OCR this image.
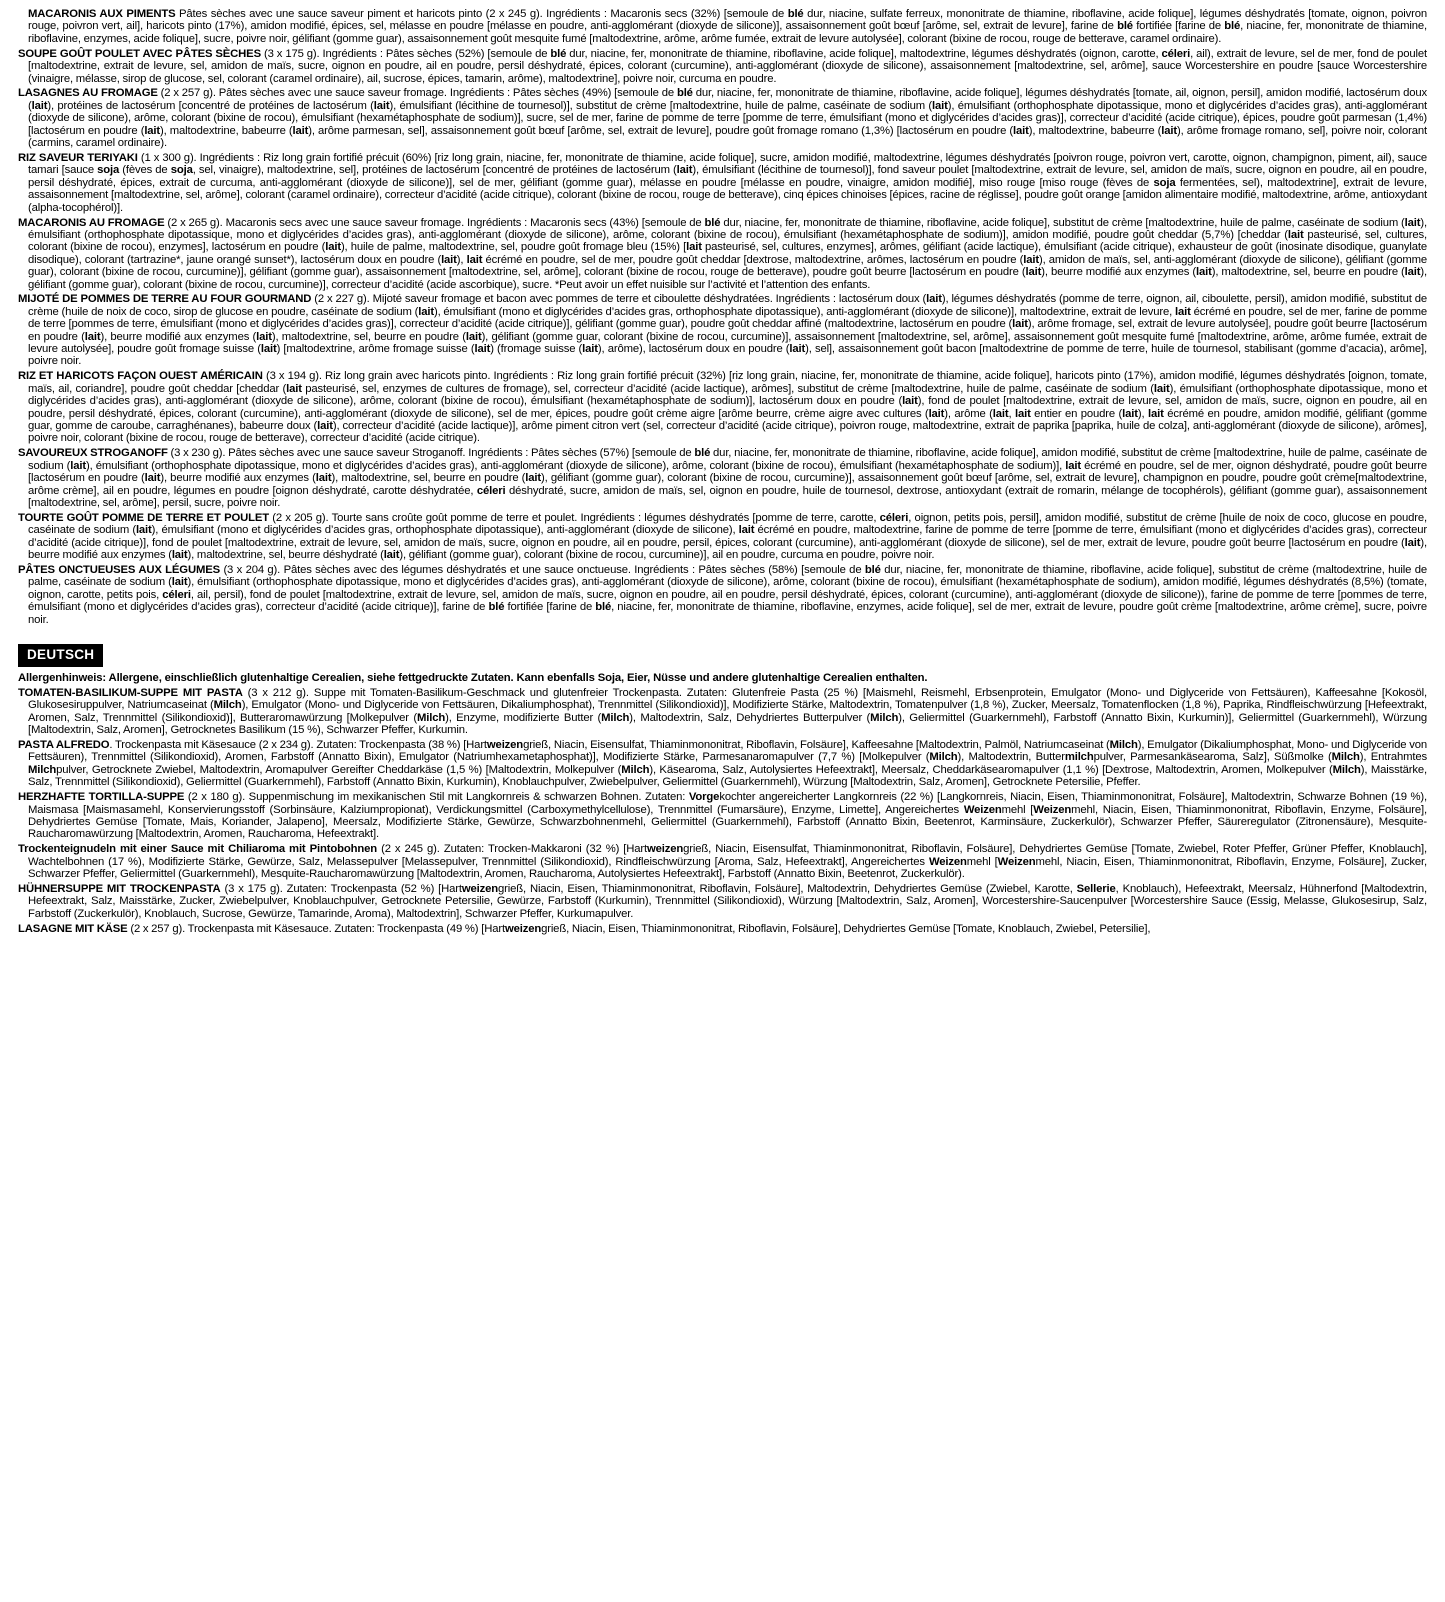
MACARONIS AUX PIMENTS Pâtes sèches avec une sauce saveur piment et haricots pinto (2 x 245 g). Ingrédients : Macaronis secs (32%) [semoule de blé dur, niacine, sulfate ferreux, mononitrate de thiamine, riboflavine, acide folique], légumes déshydratés [tomate, oignon, poivron rouge, poivron vert, ail], haricots pinto (17%), amidon modifié, épices, sel, mélasse en poudre [mélasse en poudre, anti-agglomérant (dioxyde de silicone)], assaisonnement goût bœuf [arôme, sel, extrait de levure], farine de blé fortifiée [farine de blé, niacine, fer, mononitrate de thiamine, riboflavine, enzymes, acide folique], sucre, poivre noir, gélifiant (gomme guar), assaisonnement goût mesquite fumé [maltodextrine, arôme, arôme fumée, extrait de levure autolysée], colorant (bixine de rocou, rouge de betterave, caramel ordinaire).

SOUPE GOÛT POULET AVEC PÂTES SÈCHES (3 x 175 g). Ingrédients : Pâtes sèches (52%) [semoule de blé dur, niacine, fer, mononitrate de thiamine, riboflavine, acide folique], maltodextrine, légumes déshydratés (oignon, carotte, céleri, ail), extrait de levure, sel de mer, fond de poulet [maltodextrine, extrait de levure, sel, amidon de maïs, sucre, oignon en poudre, ail en poudre, persil déshydraté, épices, colorant (curcumine), anti-agglomérant (dioxyde de silicone), assaisonnement [maltodextrine, sel, arôme], sauce Worcestershire en poudre [sauce Worcestershire (vinaigre, mélasse, sirop de glucose, sel, colorant (caramel ordinaire), ail, sucrose, épices, tamarin, arôme), maltodextrine], poivre noir, curcuma en poudre.

LASAGNES AU FROMAGE (2 x 257 g). Pâtes sèches avec une sauce saveur fromage. Ingrédients : Pâtes sèches (49%) [semoule de blé dur, niacine, fer, mononitrate de thiamine, riboflavine, acide folique], légumes déshydratés [tomate, ail, oignon, persil], amidon modifié, lactosérum doux (lait), protéines de lactosérum [concentré de protéines de lactosérum (lait), émulsifiant (lécithine de tournesol)], substitut de crème [maltodextrine, huile de palme, caséinate de sodium (lait), émulsifiant (orthophosphate dipotassique, mono et diglycérides d’acides gras), anti-agglomérant (dioxyde de silicone), arôme, colorant (bixine de rocou), émulsifiant (hexamétaphosphate de sodium)], sucre, sel de mer, farine de pomme de terre [pomme de terre, émulsifiant (mono et diglycérides d’acides gras)], correcteur d’acidité (acide citrique), épices, poudre goût parmesan (1,4%) [lactosérum en poudre (lait), maltodextrine, babeurre (lait), arôme parmesan, sel], assaisonnement goût bœuf [arôme, sel, extrait de levure], poudre goût fromage romano (1,3%) [lactosérum en poudre (lait), maltodextrine, babeurre (lait), arôme fromage romano, sel], poivre noir, colorant (carmins, caramel ordinaire).

RIZ SAVEUR TERIYAKI (1 x 300 g). Ingrédients : Riz long grain fortifié précuit (60%) [riz long grain, niacine, fer, mononitrate de thiamine, acide folique], sucre, amidon modifié, maltodextrine, légumes déshydratés [poivron rouge, poivron vert, carotte, oignon, champignon, piment, ail), sauce tamari [sauce soja (fèves de soja, sel, vinaigre), maltodextrine, sel], protéines de lactosérum [concentré de protéines de lactosérum (lait), émulsifiant (lécithine de tournesol)], fond saveur poulet [maltodextrine, extrait de levure, sel, amidon de maïs, sucre, oignon en poudre, ail en poudre, persil déshydraté, épices, extrait de curcuma, anti-agglomérant (dioxyde de silicone)], sel de mer, gélifiant (gomme guar), mélasse en poudre [mélasse en poudre, vinaigre, amidon modifié], miso rouge [miso rouge (fèves de soja fermentées, sel), maltodextrine], extrait de levure, assaisonnement [maltodextrine, sel, arôme], colorant (caramel ordinaire), correcteur d’acidité (acide citrique), colorant (bixine de rocou, rouge de betterave), cinq épices chinoises [épices, racine de réglisse], poudre goût orange [amidon alimentaire modifié, maltodextrine, arôme, antioxydant (alpha-tocophérol)].

MACARONIS AU FROMAGE (2 x 265 g). Macaronis secs avec une sauce saveur fromage. Ingrédients : Macaronis secs (43%) [semoule de blé dur, niacine, fer, mononitrate de thiamine, riboflavine, acide folique], substitut de crème [maltodextrine, huile de palme, caséinate de sodium (lait), émulsifiant (orthophosphate dipotassique, mono et diglycérides d’acides gras), anti-agglomérant (dioxyde de silicone), arôme, colorant (bixine de rocou), émulsifiant (hexamétaphosphate de sodium)], amidon modifié, poudre goût cheddar (5,7%) [cheddar (lait pasteurisé, sel, cultures, colorant (bixine de rocou), enzymes], lactosérum en poudre (lait), huile de palme, maltodextrine, sel, poudre goût fromage bleu (15%) [lait pasteurisé, sel, cultures, enzymes], arômes, gélifiant (acide lactique), émulsifiant (acide citrique), exhausteur de goût (inosinate disodique, guanylate disodique), colorant (tartrazine*, jaune orangé sunset*), lactosérum doux en poudre (lait), lait écrémé en poudre, sel de mer, poudre goût cheddar [dextrose, maltodextrine, arômes, lactosérum en poudre (lait), amidon de maïs, sel, anti-agglomérant (dioxyde de silicone), gélifiant (gomme guar), colorant (bixine de rocou, curcumine)], gélifiant (gomme guar), assaisonnement [maltodextrine, sel, arôme], colorant (bixine de rocou, rouge de betterave), poudre goût beurre [lactosérum en poudre (lait), beurre modifié aux enzymes (lait), maltodextrine, sel, beurre en poudre (lait), gélifiant (gomme guar), colorant (bixine de rocou, curcumine)], correcteur d’acidité (acide ascorbique), sucre. *Peut avoir un effet nuisible sur l’activité et l’attention des enfants.

MIJOTÉ DE POMMES DE TERRE AU FOUR GOURMAND (2 x 227 g). Mijoté saveur fromage et bacon avec pommes de terre et ciboulette déshydratées. Ingrédients : lactosérum doux (lait), légumes déshydratés (pomme de terre, oignon, ail, ciboulette, persil), amidon modifié, substitut de crème (huile de noix de coco, sirop de glucose en poudre, caséinate de sodium (lait), émulsifiant (mono et diglycérides d’acides gras, orthophosphate dipotassique), anti-agglomérant (dioxyde de silicone)], maltodextrine, extrait de levure, lait écrémé en poudre, sel de mer, farine de pomme de terre [pommes de terre, émulsifiant (mono et diglycérides d’acides gras)], correcteur d’acidité (acide citrique)], gélifiant (gomme guar), poudre goût cheddar affiné (maltodextrine, lactosérum en poudre (lait), arôme fromage, sel, extrait de levure autolysée], poudre goût beurre [lactosérum en poudre (lait), beurre modifié aux enzymes (lait), maltodextrine, sel, beurre en poudre (lait), gélifiant (gomme guar, colorant (bixine de rocou, curcumine)], assaisonnement [maltodextrine, sel, arôme], assaisonnement goût mesquite fumé [maltodextrine, arôme, arôme fumée, extrait de levure autolysée], poudre goût fromage suisse (lait) [maltodextrine, arôme fromage suisse (lait) (fromage suisse (lait), arôme), lactosérum doux en poudre (lait), sel], assaisonnement goût bacon [maltodextrine de pomme de terre, huile de tournesol, stabilisant (gomme d’acacia), arôme], poivre noir.

RIZ ET HARICOTS FAÇON OUEST AMÉRICAIN (3 x 194 g). Riz long grain avec haricots pinto. Ingrédients : Riz long grain fortifié précuit (32%) [riz long grain, niacine, fer, mononitrate de thiamine, acide folique], haricots pinto (17%), amidon modifié, légumes déshydratés [oignon, tomate, maïs, ail, coriandre], poudre goût cheddar [cheddar (lait pasteurisé, sel, enzymes de cultures de fromage), sel, correcteur d’acidité (acide lactique), arômes], substitut de crème [maltodextrine, huile de palme, caséinate de sodium (lait), émulsifiant (orthophosphate dipotassique, mono et diglycérides d’acides gras), anti-agglomérant (dioxyde de silicone), arôme, colorant (bixine de rocou), émulsifiant (hexamétaphosphate de sodium)], lactosérum doux en poudre (lait), fond de poulet [maltodextrine, extrait de levure, sel, amidon de maïs, sucre, oignon en poudre, ail en poudre, persil déshydraté, épices, colorant (curcumine), anti-agglomérant (dioxyde de silicone), sel de mer, épices, poudre goût crème aigre [arôme beurre, crème aigre avec cultures (lait), arôme (lait, lait entier en poudre (lait), lait écrémé en poudre, amidon modifié, gélifiant (gomme guar, gomme de caroube, carraghénanes), babeurre doux (lait), correcteur d’acidité (acide lactique)], arôme piment citron vert (sel, correcteur d’acidité (acide citrique), poivron rouge, maltodextrine, extrait de paprika [paprika, huile de colza], anti-agglomérant (dioxyde de silicone), arômes], poivre noir, colorant (bixine de rocou, rouge de betterave), correcteur d’acidité (acide citrique).

SAVOUREUX STROGANOFF (3 x 230 g). Pâtes sèches avec une sauce saveur Stroganoff. Ingrédients : Pâtes sèches (57%) [semoule de blé dur, niacine, fer, mononitrate de thiamine, riboflavine, acide folique], amidon modifié, substitut de crème [maltodextrine, huile de palme, caséinate de sodium (lait), émulsifiant (orthophosphate dipotassique, mono et diglycérides d’acides gras), anti-agglomérant (dioxyde de silicone), arôme, colorant (bixine de rocou), émulsifiant (hexamétaphosphate de sodium)], lait écrémé en poudre, sel de mer, oignon déshydraté, poudre goût beurre [lactosérum en poudre (lait), beurre modifié aux enzymes (lait), maltodextrine, sel, beurre en poudre (lait), gélifiant (gomme guar), colorant (bixine de rocou, curcumine)], assaisonnement goût bœuf [arôme, sel, extrait de levure], champignon en poudre, poudre goût crème[maltodextrine, arôme crème], ail en poudre, légumes en poudre [oignon déshydraté, carotte déshydratée, céleri déshydraté, sucre, amidon de maïs, sel, oignon en poudre, huile de tournesol, dextrose, antioxydant (extrait de romarin, mélange de tocophérols), gélifiant (gomme guar), assaisonnement [maltodextrine, sel, arôme], persil, sucre, poivre noir.

TOURTE GOÛT POMME DE TERRE ET POULET (2 x 205 g). Tourte sans croûte goût pomme de terre et poulet. Ingrédients : légumes déshydratés [pomme de terre, carotte, céleri, oignon, petits pois, persil], amidon modifié, substitut de crème [huile de noix de coco, glucose en poudre, caséinate de sodium (lait), émulsifiant (mono et diglycérides d’acides gras, orthophosphate dipotassique), anti-agglomérant (dioxyde de silicone), lait écrémé en poudre, maltodextrine, farine de pomme de terre [pomme de terre, émulsifiant (mono et diglycérides d’acides gras), correcteur d’acidité (acide citrique)], fond de poulet [maltodextrine, extrait de levure, sel, amidon de maïs, sucre, oignon en poudre, ail en poudre, persil, épices, colorant (curcumine), anti-agglomérant (dioxyde de silicone), sel de mer, extrait de levure, poudre goût beurre [lactosérum en poudre (lait), beurre modifié aux enzymes (lait), maltodextrine, sel, beurre déshydraté (lait), gélifiant (gomme guar), colorant (bixine de rocou, curcumine)], ail en poudre, curcuma en poudre, poivre noir.

PÂTES ONCTUEUSES AUX LÉGUMES (3 x 204 g). Pâtes sèches avec des légumes déshydratés et une sauce onctueuse. Ingrédients : Pâtes sèches (58%) [semoule de blé dur, niacine, fer, mononitrate de thiamine, riboflavine, acide folique], substitut de crème (maltodextrine, huile de palme, caséinate de sodium (lait), émulsifiant (orthophosphate dipotassique, mono et diglycérides d’acides gras), anti-agglomérant (dioxyde de silicone), arôme, colorant (bixine de rocou), émulsifiant (hexamétaphosphate de sodium), amidon modifié, légumes déshydratés (8,5%) (tomate, oignon, carotte, petits pois, céleri, ail, persil), fond de poulet [maltodextrine, extrait de levure, sel, amidon de maïs, sucre, oignon en poudre, ail en poudre, persil déshydraté, épices, colorant (curcumine), anti-agglomérant (dioxyde de silicone)), farine de pomme de terre [pommes de terre, émulsifiant (mono et diglycérides d’acides gras), correcteur d’acidité (acide citrique)], farine de blé fortifiée [farine de blé, niacine, fer, mononitrate de thiamine, riboflavine, enzymes, acide folique], sel de mer, extrait de levure, poudre goût crème [maltodextrine, arôme crème], sucre, poivre noir.

DEUTSCH

Allergenhinweis: Allergene, einschließlich glutenhaltige Cerealien, siehe fettgedruckte Zutaten. Kann ebenfalls Soja, Eier, Nüsse und andere glutenhaltige Cerealien enthalten.

TOMATEN-BASILIKUM-SUPPE MIT PASTA (3 x 212 g). Suppe mit Tomaten-Basilikum-Geschmack und glutenfreier Trockenpasta. Zutaten: Glutenfreie Pasta (25 %) [Maismehl, Reismehl, Erbsenprotein, Emulgator (Mono- und Diglyceride von Fettsäuren), Kaffeesahne [Kokosöl, Glukosesiruppulver, Natriumcaseinat (Milch), Emulgator (Mono- und Diglyceride von Fettsäuren, Dikaliumphosphat), Trennmittel (Silikondioxid)], Modifizierte Stärke, Maltodextrin, Tomatenpulver (1,8 %), Zucker, Meersalz, Tomatenflocken (1,8 %), Paprika, Rindfleischwürzung [Hefeextrakt, Aromen, Salz, Trennmittel (Silikondioxid)], Butteraromawürzung [Molkepulver (Milch), Enzyme, modifizierte Butter (Milch), Maltodextrin, Salz, Dehydriertes Butterpulver (Milch), Geliermittel (Guarkernmehl), Farbstoff (Annatto Bixin, Kurkumin)], Geliermittel (Guarkernmehl), Würzung [Maltodextrin, Salz, Aromen], Getrocknetes Basilikum (15 %), Schwarzer Pfeffer, Kurkumin.

PASTA ALFREDO. Trockenpasta mit Käsesauce (2 x 234 g). Zutaten: Trockenpasta (38 %) [Hartweizengrieß, Niacin, Eisensulfat, Thiaminmononitrat, Riboflavin, Folsäure], Kaffeesahne [Maltodextrin, Palmöl, Natriumcaseinat (Milch), Emulgator (Dikaliumphosphat, Mono- und Diglyceride von Fettsäuren), Trennmittel (Silikondioxid), Aromen, Farbstoff (Annatto Bixin), Emulgator (Natriumhexametaphosphat)], Modifizierte Stärke, Parmesanaromapulver (7,7 %) [Molkepulver (Milch), Maltodextrin, Buttermilchpulver, Parmesankäsearoma, Salz], Süßmolke (Milch), Entrahmtes Milchpulver, Getrocknete Zwiebel, Maltodextrin, Aromapulver Gereifter Cheddarkäse (1,5 %) [Maltodextrin, Molkepulver (Milch), Käsearoma, Salz, Autolysiertes Hefeextrakt], Meersalz, Cheddarkäsearomapulver (1,1 %) [Dextrose, Maltodextrin, Aromen, Molkepulver (Milch), Maisstärke, Salz, Trennmittel (Silikondioxid), Geliermittel (Guarkernmehl), Farbstoff (Annatto Bixin, Kurkumin), Knoblauchpulver, Zwiebelpulver, Geliermittel (Guarkernmehl), Würzung [Maltodextrin, Salz, Aromen], Getrocknete Petersilie, Pfeffer.

HERZHAFTE TORTILLA-SUPPE (2 x 180 g). Suppenmischung im mexikanischen Stil mit Langkornreis & schwarzen Bohnen. Zutaten: Vorgekochter angereicherter Langkornreis (22 %) [Langkornreis, Niacin, Eisen, Thiaminmononitrat, Folsäure], Maltodextrin, Schwarze Bohnen (19 %), Maismasa [Maismasamehl, Konservierungsstoff (Sorbinsäure, Kalziumpropionat), Verdickungsmittel (Carboxymethylcellulose), Trennmittel (Fumarsäure), Enzyme, Limette], Angereichertes Weizenmehl [Weizenmehl, Niacin, Eisen, Thiaminmononitrat, Riboflavin, Enzyme, Folsäure], Dehydriertes Gemüse [Tomate, Mais, Koriander, Jalapeno], Meersalz, Modifizierte Stärke, Gewürze, Schwarzbohnenmehl, Geliermittel (Guarkernmehl), Farbstoff (Annatto Bixin, Beetenrot, Karminsäure, Zuckerkulör), Schwarzer Pfeffer, Säureregulator (Zitronensäure), Mesquite-Raucharomawürzung [Maltodextrin, Aromen, Raucharoma, Hefeextrakt].

Trockenteignudeln mit einer Sauce mit Chiliaroma mit Pintobohnen (2 x 245 g). Zutaten: Trocken-Makkaroni (32 %) [Hartweizengrieß, Niacin, Eisensulfat, Thiaminmononitrat, Riboflavin, Folsäure], Dehydriertes Gemüse [Tomate, Zwiebel, Roter Pfeffer, Grüner Pfeffer, Knoblauch], Wachtelbohnen (17 %), Modifizierte Stärke, Gewürze, Salz, Melassepulver [Melassepulver, Trennmittel (Silikondioxid), Rindfleischwürzung [Aroma, Salz, Hefeextrakt], Angereichertes Weizenmehl [Weizenmehl, Niacin, Eisen, Thiaminmononitrat, Riboflavin, Enzyme, Folsäure], Zucker, Schwarzer Pfeffer, Geliermittel (Guarkernmehl), Mesquite-Raucharomawürzung [Maltodextrin, Aromen, Raucharoma, Autolysiertes Hefeextrakt], Farbstoff (Annatto Bixin, Beetenrot, Zuckerkulör).

HÜHNERSUPPE MIT TROCKENPASTA (3 x 175 g). Zutaten: Trockenpasta (52 %) [Hartweizengrieß, Niacin, Eisen, Thiaminmononitrat, Riboflavin, Folsäure], Maltodextrin, Dehydriertes Gemüse (Zwiebel, Karotte, Sellerie, Knoblauch), Hefeextrakt, Meersalz, Hühnerfond [Maltodextrin, Hefeextrakt, Salz, Maisstärke, Zucker, Zwiebelpulver, Knoblauchpulver, Getrocknete Petersilie, Gewürze, Farbstoff (Kurkumin), Trennmittel (Silikondioxid), Würzung [Maltodextrin, Salz, Aromen], Worcestershire-Saucenpulver [Worcestershire Sauce (Essig, Melasse, Glukosesirup, Salz, Farbstoff (Zuckerkulör), Knoblauch, Sucrose, Gewürze, Tamarinde, Aroma), Maltodextrin], Schwarzer Pfeffer, Kurkumapulver.

LASAGNE MIT KÄSE (2 x 257 g). Trockenpasta mit Käsesauce. Zutaten: Trockenpasta (49 %) [Hartweizengrieß, Niacin, Eisen, Thiaminmononitrat, Riboflavin, Folsäure], Dehydriertes Gemüse [Tomate, Knoblauch, Zwiebel, Petersilie],
